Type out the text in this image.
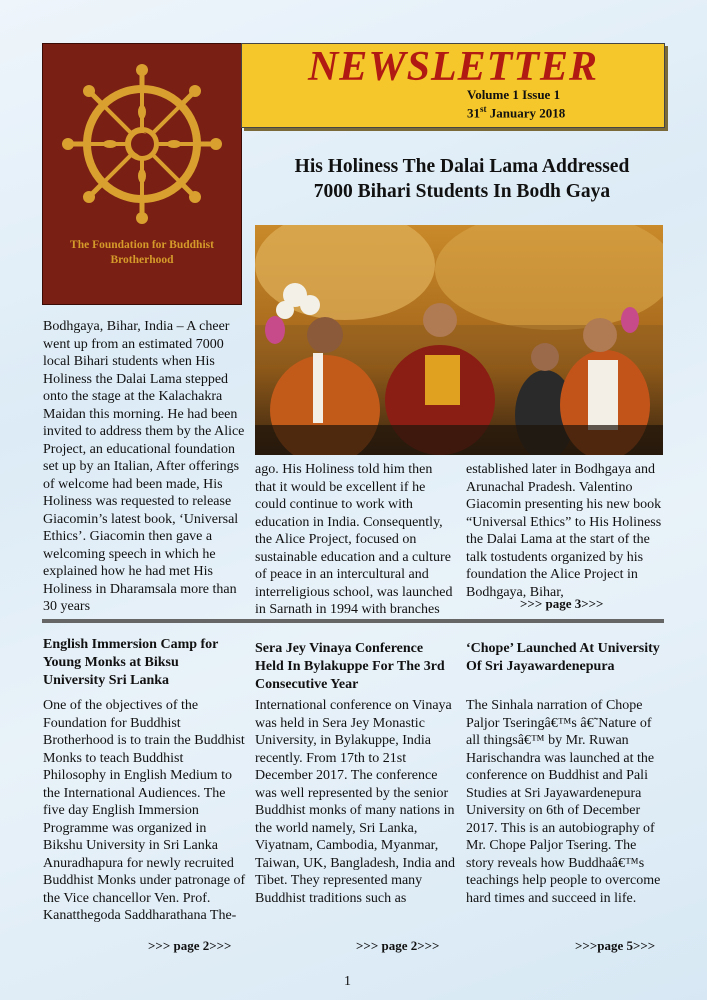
The Foundation for Buddhist Brotherhood
NEWSLETTER
Volume 1 Issue 1
31st January 2018
His Holiness The Dalai Lama Addressed
7000 Bihari Students In Bodh Gaya
Bodhgaya, Bihar, India – A cheer went up from an estimated 7000 local Bihari students when His Holiness the Dalai Lama stepped onto the stage at the Kalachakra Maidan this morning. He had been invited to address them by the Alice Project, an educational foundation set up by an Italian, After offerings of welcome had been made, His Holiness was requested to release Giacomin’s latest book, ‘Universal Ethics’. Giacomin then gave a welcoming speech in which he explained how he had met His Holiness in Dharamsala more than 30 years
ago. His Holiness told him then that it would be excellent if he could continue to work with education in India. Consequently, the Alice Project, focused on sustainable education and a culture of peace in an intercultural and interreligious school, was launched in Sarnath in 1994 with branches
established later in Bodhgaya and Arunachal Pradesh. Valentino Giacomin presenting his new book “Universal Ethics” to His Holiness the Dalai Lama at the start of the talk tostudents organized by his foundation the Alice Project in Bodhgaya, Bihar,
>>> page 3>>>
English Immersion Camp for Young Monks at Biksu University Sri Lanka
One of the objectives of the Foundation for Buddhist Brotherhood is to train the Buddhist Monks to teach Buddhist Philosophy in English Medium to the International Audiences. The five day English Immersion Programme was organized in Bikshu University in Sri Lanka Anuradhapura for newly recruited Buddhist Monks under patronage of the Vice chancellor Ven. Prof. Kanatthegoda Saddharathana The-
>>> page 2>>>
Sera Jey Vinaya Conference Held In Bylakuppe For The 3rd Consecutive Year
International conference on Vinaya was held in Sera Jey Monastic University, in Bylakuppe, India recently. From 17th to 21st December 2017. The conference was well represented by the senior Buddhist monks of many nations in the world namely, Sri Lanka, Viyatnam, Cambodia, Myanmar, Taiwan, UK, Bangladesh, India and Tibet. They represented many Buddhist traditions such as
>>> page 2>>>
‘Chope’ Launched At University Of Sri Jayawardenepura
The Sinhala narration of Chope Paljor Tseringâ€™s â€˜Nature of all thingsâ€™ by Mr. Ruwan Harischandra was launched at the conference on Buddhist and Pali Studies at Sri Jayawardenepura University on 6th of December 2017. This is an autobiography of Mr. Chope Paljor Tsering. The story reveals how Buddhaâ€™s teachings help people to overcome hard times and succeed in life.
>>>page 5>>>
1
